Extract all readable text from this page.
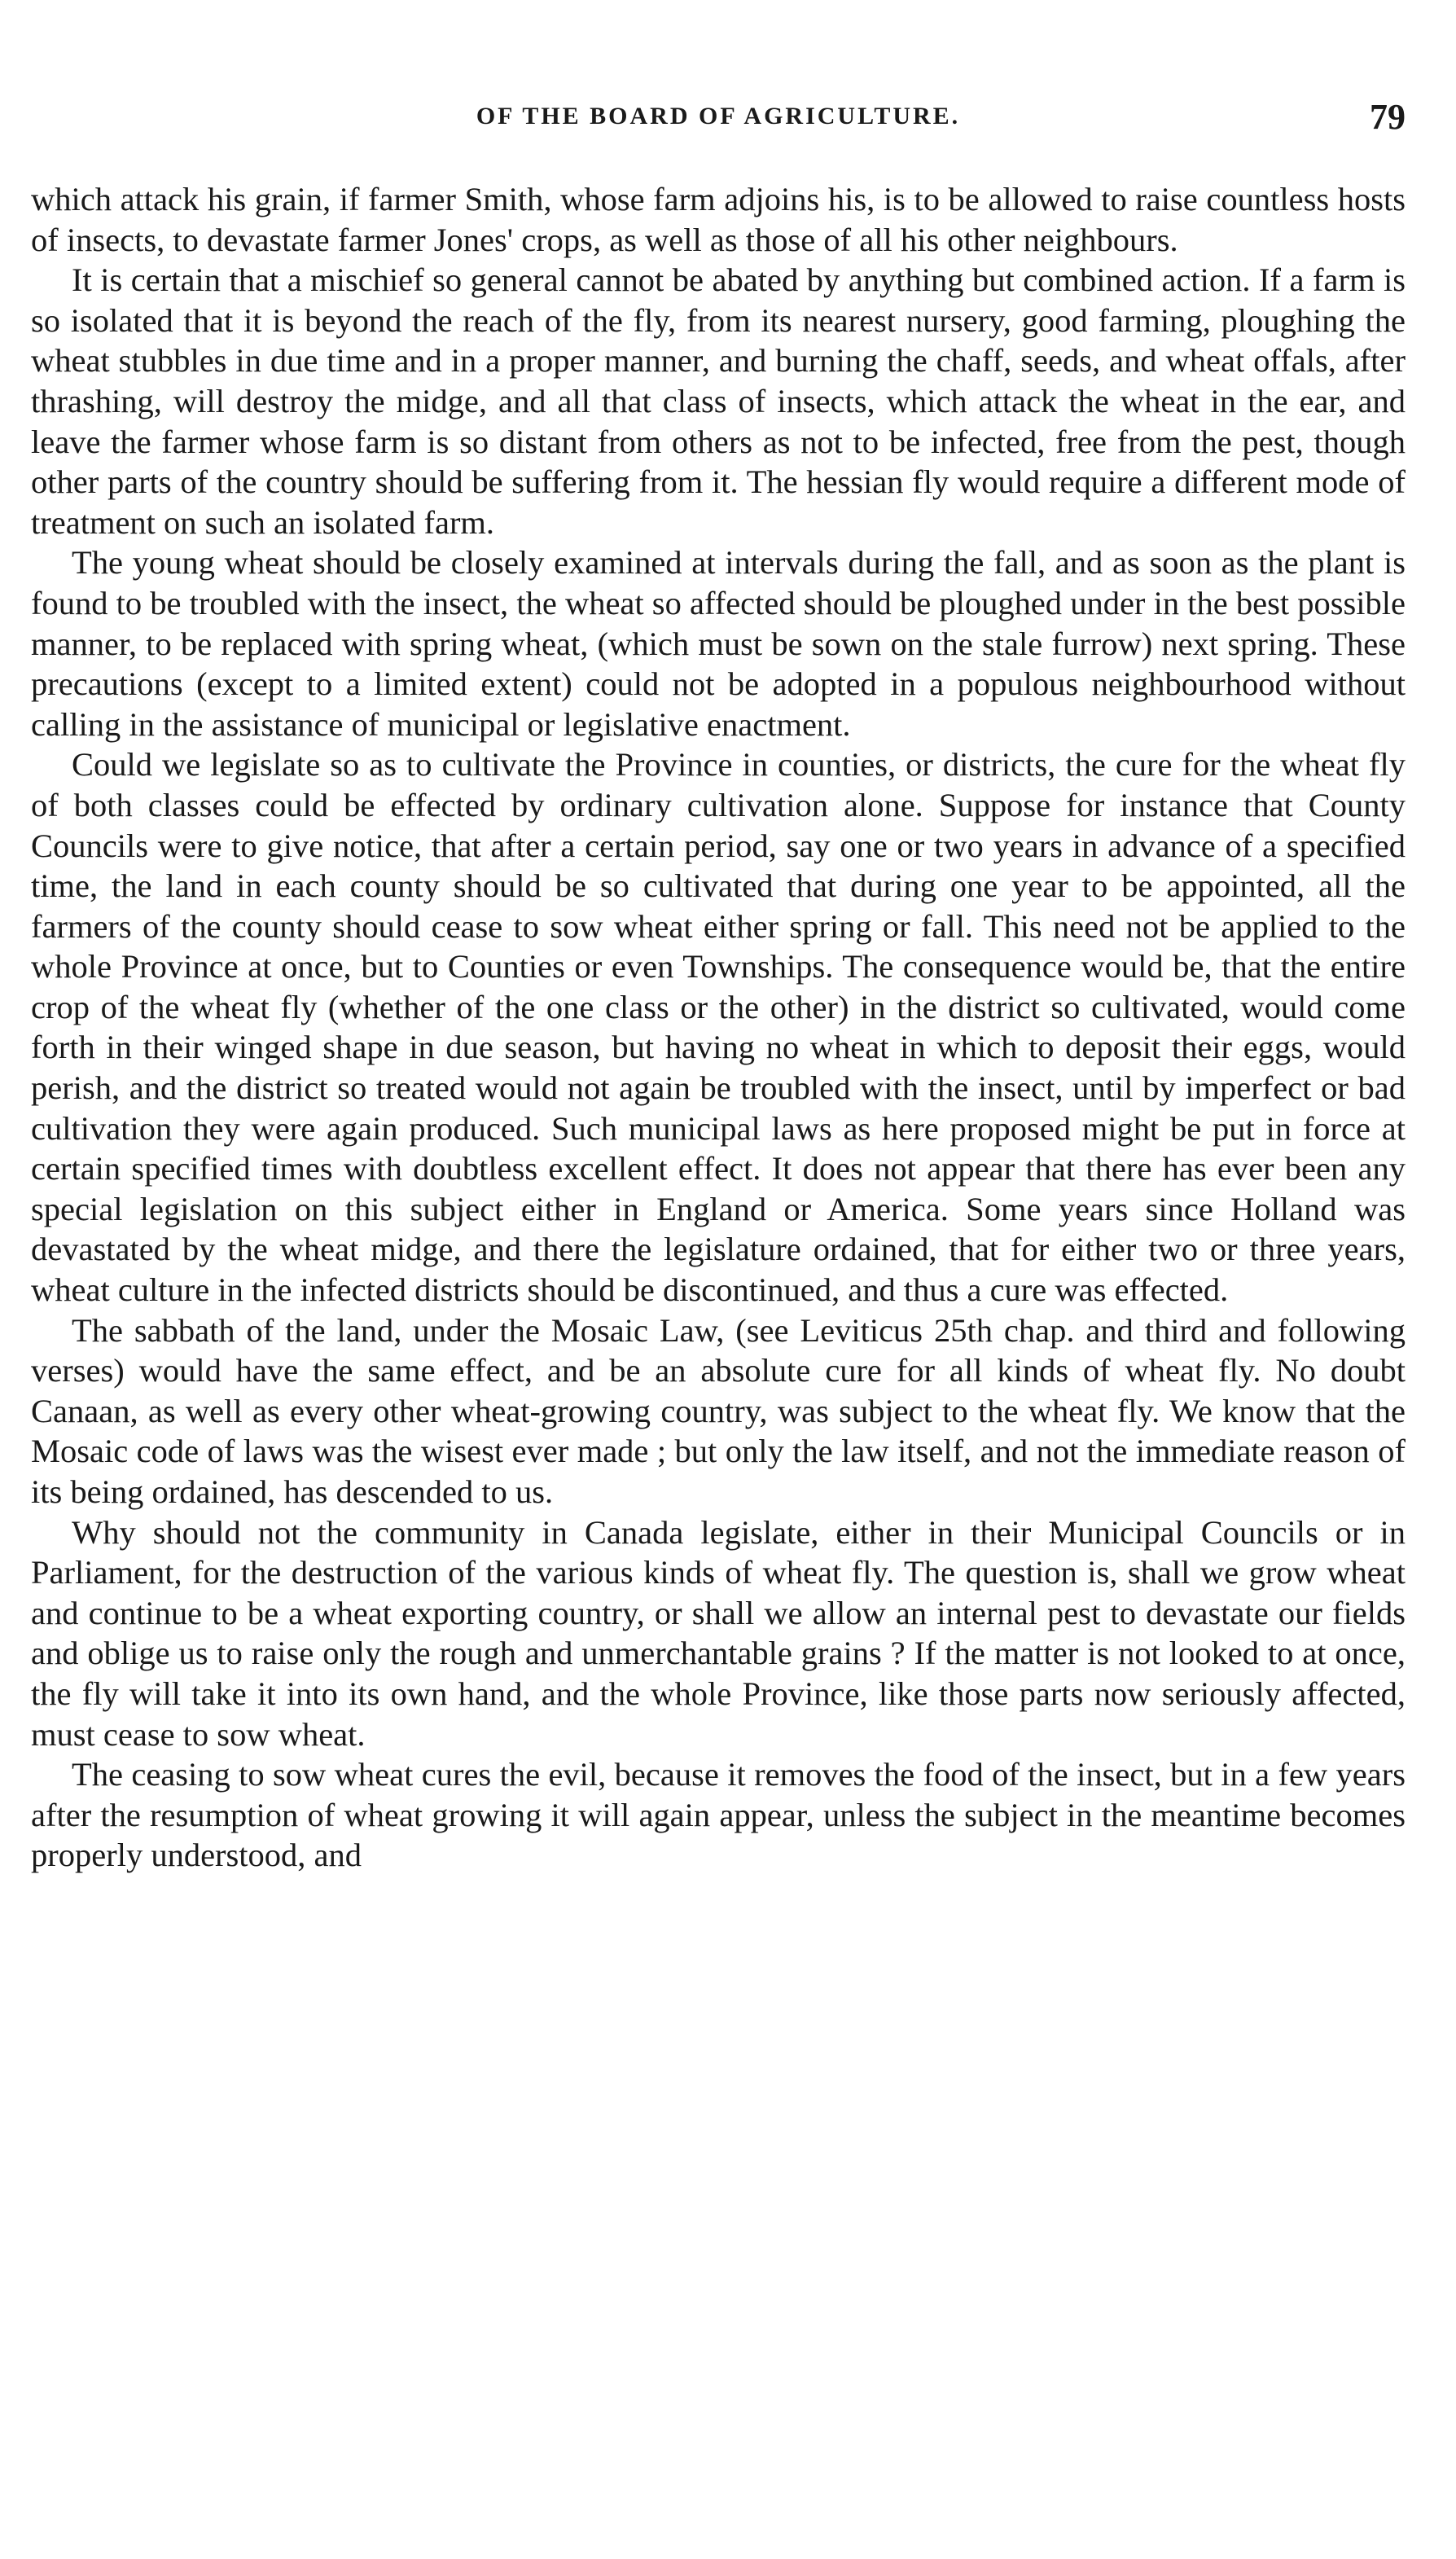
OF THE BOARD OF AGRICULTURE.	79

which attack his grain, if farmer Smith, whose farm adjoins his, is to be allowed to raise countless hosts of insects, to devastate farmer Jones' crops, as well as those of all his other neighbours.

It is certain that a mischief so general cannot be abated by anything but combined action. If a farm is so isolated that it is beyond the reach of the fly, from its nearest nursery, good farming, ploughing the wheat stubbles in due time and in a proper manner, and burning the chaff, seeds, and wheat offals, after thrashing, will destroy the midge, and all that class of insects, which attack the wheat in the ear, and leave the farmer whose farm is so distant from others as not to be infected, free from the pest, though other parts of the country should be suffering from it. The hessian fly would require a different mode of treatment on such an isolated farm.

The young wheat should be closely examined at intervals during the fall, and as soon as the plant is found to be troubled with the insect, the wheat so affected should be ploughed under in the best possible manner, to be replaced with spring wheat, (which must be sown on the stale furrow) next spring. These precautions (except to a limited extent) could not be adopted in a populous neighbourhood without calling in the assistance of municipal or legislative enactment.

Could we legislate so as to cultivate the Province in counties, or districts, the cure for the wheat fly of both classes could be effected by ordinary cultivation alone. Suppose for instance that County Councils were to give notice, that after a certain period, say one or two years in advance of a specified time, the land in each county should be so cultivated that during one year to be appointed, all the farmers of the county should cease to sow wheat either spring or fall. This need not be applied to the whole Province at once, but to Counties or even Townships. The consequence would be, that the entire crop of the wheat fly (whether of the one class or the other) in the district so cultivated, would come forth in their winged shape in due season, but having no wheat in which to deposit their eggs, would perish, and the district so treated would not again be troubled with the insect, until by imperfect or bad cultivation they were again produced. Such municipal laws as here proposed might be put in force at certain specified times with doubtless excellent effect. It does not appear that there has ever been any special legislation on this subject either in England or America. Some years since Holland was devastated by the wheat midge, and there the legislature ordained, that for either two or three years, wheat culture in the infected districts should be discontinued, and thus a cure was effected.

The sabbath of the land, under the Mosaic Law, (see Leviticus 25th chap. and third and following verses) would have the same effect, and be an absolute cure for all kinds of wheat fly. No doubt Canaan, as well as every other wheat-growing country, was subject to the wheat fly. We know that the Mosaic code of laws was the wisest ever made ; but only the law itself, and not the immediate reason of its being ordained, has descended to us.

Why should not the community in Canada legislate, either in their Municipal Councils or in Parliament, for the destruction of the various kinds of wheat fly. The question is, shall we grow wheat and continue to be a wheat exporting country, or shall we allow an internal pest to devastate our fields and oblige us to raise only the rough and unmerchantable grains ? If the matter is not looked to at once, the fly will take it into its own hand, and the whole Province, like those parts now seriously affected, must cease to sow wheat.

The ceasing to sow wheat cures the evil, because it removes the food of the insect, but in a few years after the resumption of wheat growing it will again appear, unless the subject in the meantime becomes properly understood, and
